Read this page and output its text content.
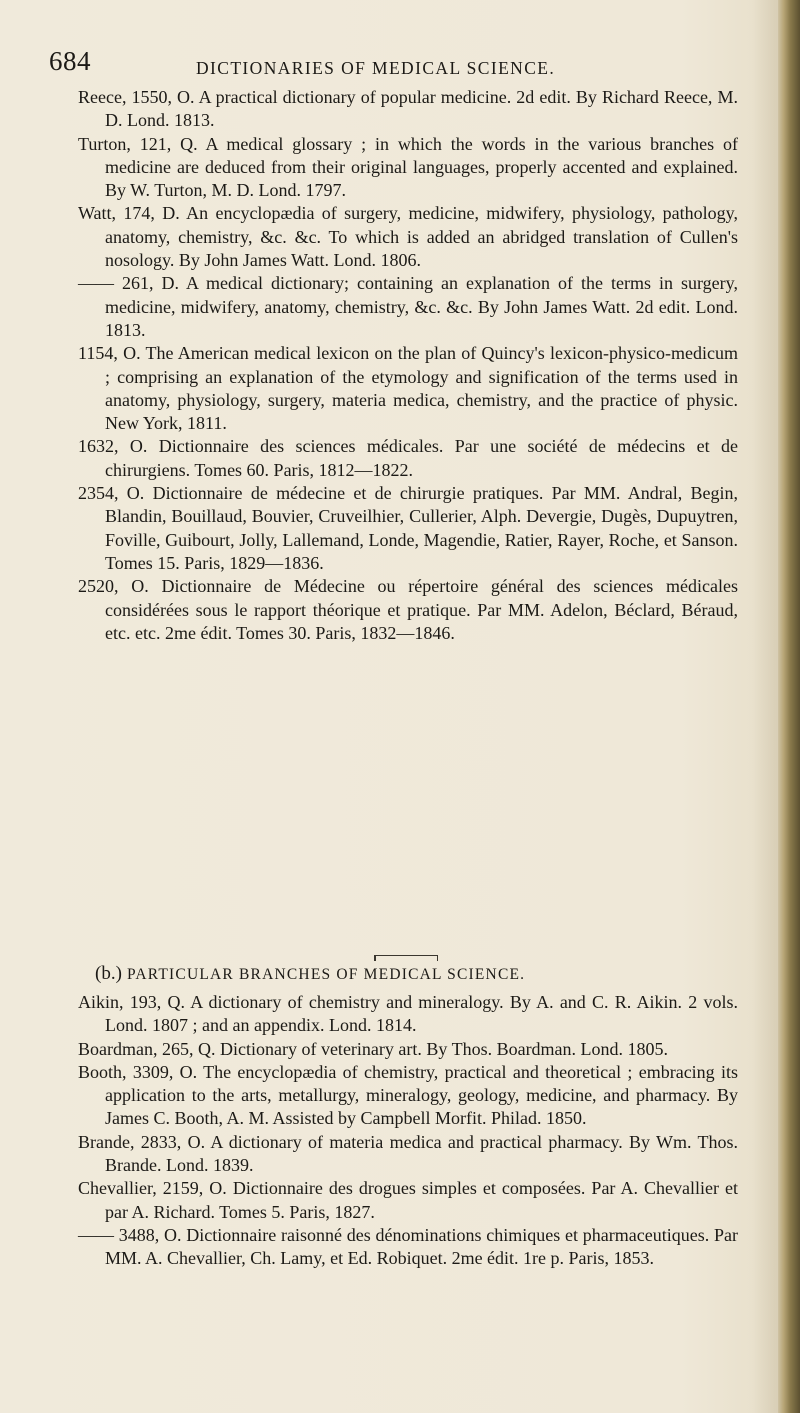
684	DICTIONARIES OF MEDICAL SCIENCE.

Reece, 1550, O. A practical dictionary of popular medicine. 2d edit. By Richard Reece, M. D. Lond. 1813.

Turton, 121, Q. A medical glossary ; in which the words in the various branches of medicine are deduced from their original languages, properly accented and explained. By W. Turton, M. D. Lond. 1797.

Watt, 174, D. An encyclopædia of surgery, medicine, midwifery, physiology, pathology, anatomy, chemistry, &c. &c. To which is added an abridged translation of Cullen's nosology. By John James Watt. Lond. 1806.

—— 261, D. A medical dictionary; containing an explanation of the terms in surgery, medicine, midwifery, anatomy, chemistry, &c. &c. By John James Watt. 2d edit. Lond. 1813.

1154, O. The American medical lexicon on the plan of Quincy's lexicon-physico-medicum ; comprising an explanation of the etymology and signification of the terms used in anatomy, physiology, surgery, materia medica, chemistry, and the practice of physic. New York, 1811.

1632, O. Dictionnaire des sciences médicales. Par une société de médecins et de chirurgiens. Tomes 60. Paris, 1812—1822.

2354, O. Dictionnaire de médecine et de chirurgie pratiques. Par MM. Andral, Begin, Blandin, Bouillaud, Bouvier, Cruveilhier, Cullerier, Alph. Devergie, Dugès, Dupuytren, Foville, Guibourt, Jolly, Lallemand, Londe, Magendie, Ratier, Rayer, Roche, et Sanson. Tomes 15. Paris, 1829—1836.

2520, O. Dictionnaire de Médecine ou répertoire général des sciences médicales considérées sous le rapport théorique et pratique. Par MM. Adelon, Béclard, Béraud, etc. etc. 2me édit. Tomes 30. Paris, 1832—1846.

(b.) PARTICULAR BRANCHES OF MEDICAL SCIENCE.

Aikin, 193, Q. A dictionary of chemistry and mineralogy. By A. and C. R. Aikin. 2 vols. Lond. 1807 ; and an appendix. Lond. 1814.

Boardman, 265, Q. Dictionary of veterinary art. By Thos. Boardman. Lond. 1805.

Booth, 3309, O. The encyclopædia of chemistry, practical and theoretical ; embracing its application to the arts, metallurgy, mineralogy, geology, medicine, and pharmacy. By James C. Booth, A. M. Assisted by Campbell Morfit. Philad. 1850.

Brande, 2833, O. A dictionary of materia medica and practical pharmacy. By Wm. Thos. Brande. Lond. 1839.

Chevallier, 2159, O. Dictionnaire des drogues simples et composées. Par A. Chevallier et par A. Richard. Tomes 5. Paris, 1827.

—— 3488, O. Dictionnaire raisonné des dénominations chimiques et pharmaceutiques. Par MM. A. Chevallier, Ch. Lamy, et Ed. Robiquet. 2me édit. 1re p. Paris, 1853.
